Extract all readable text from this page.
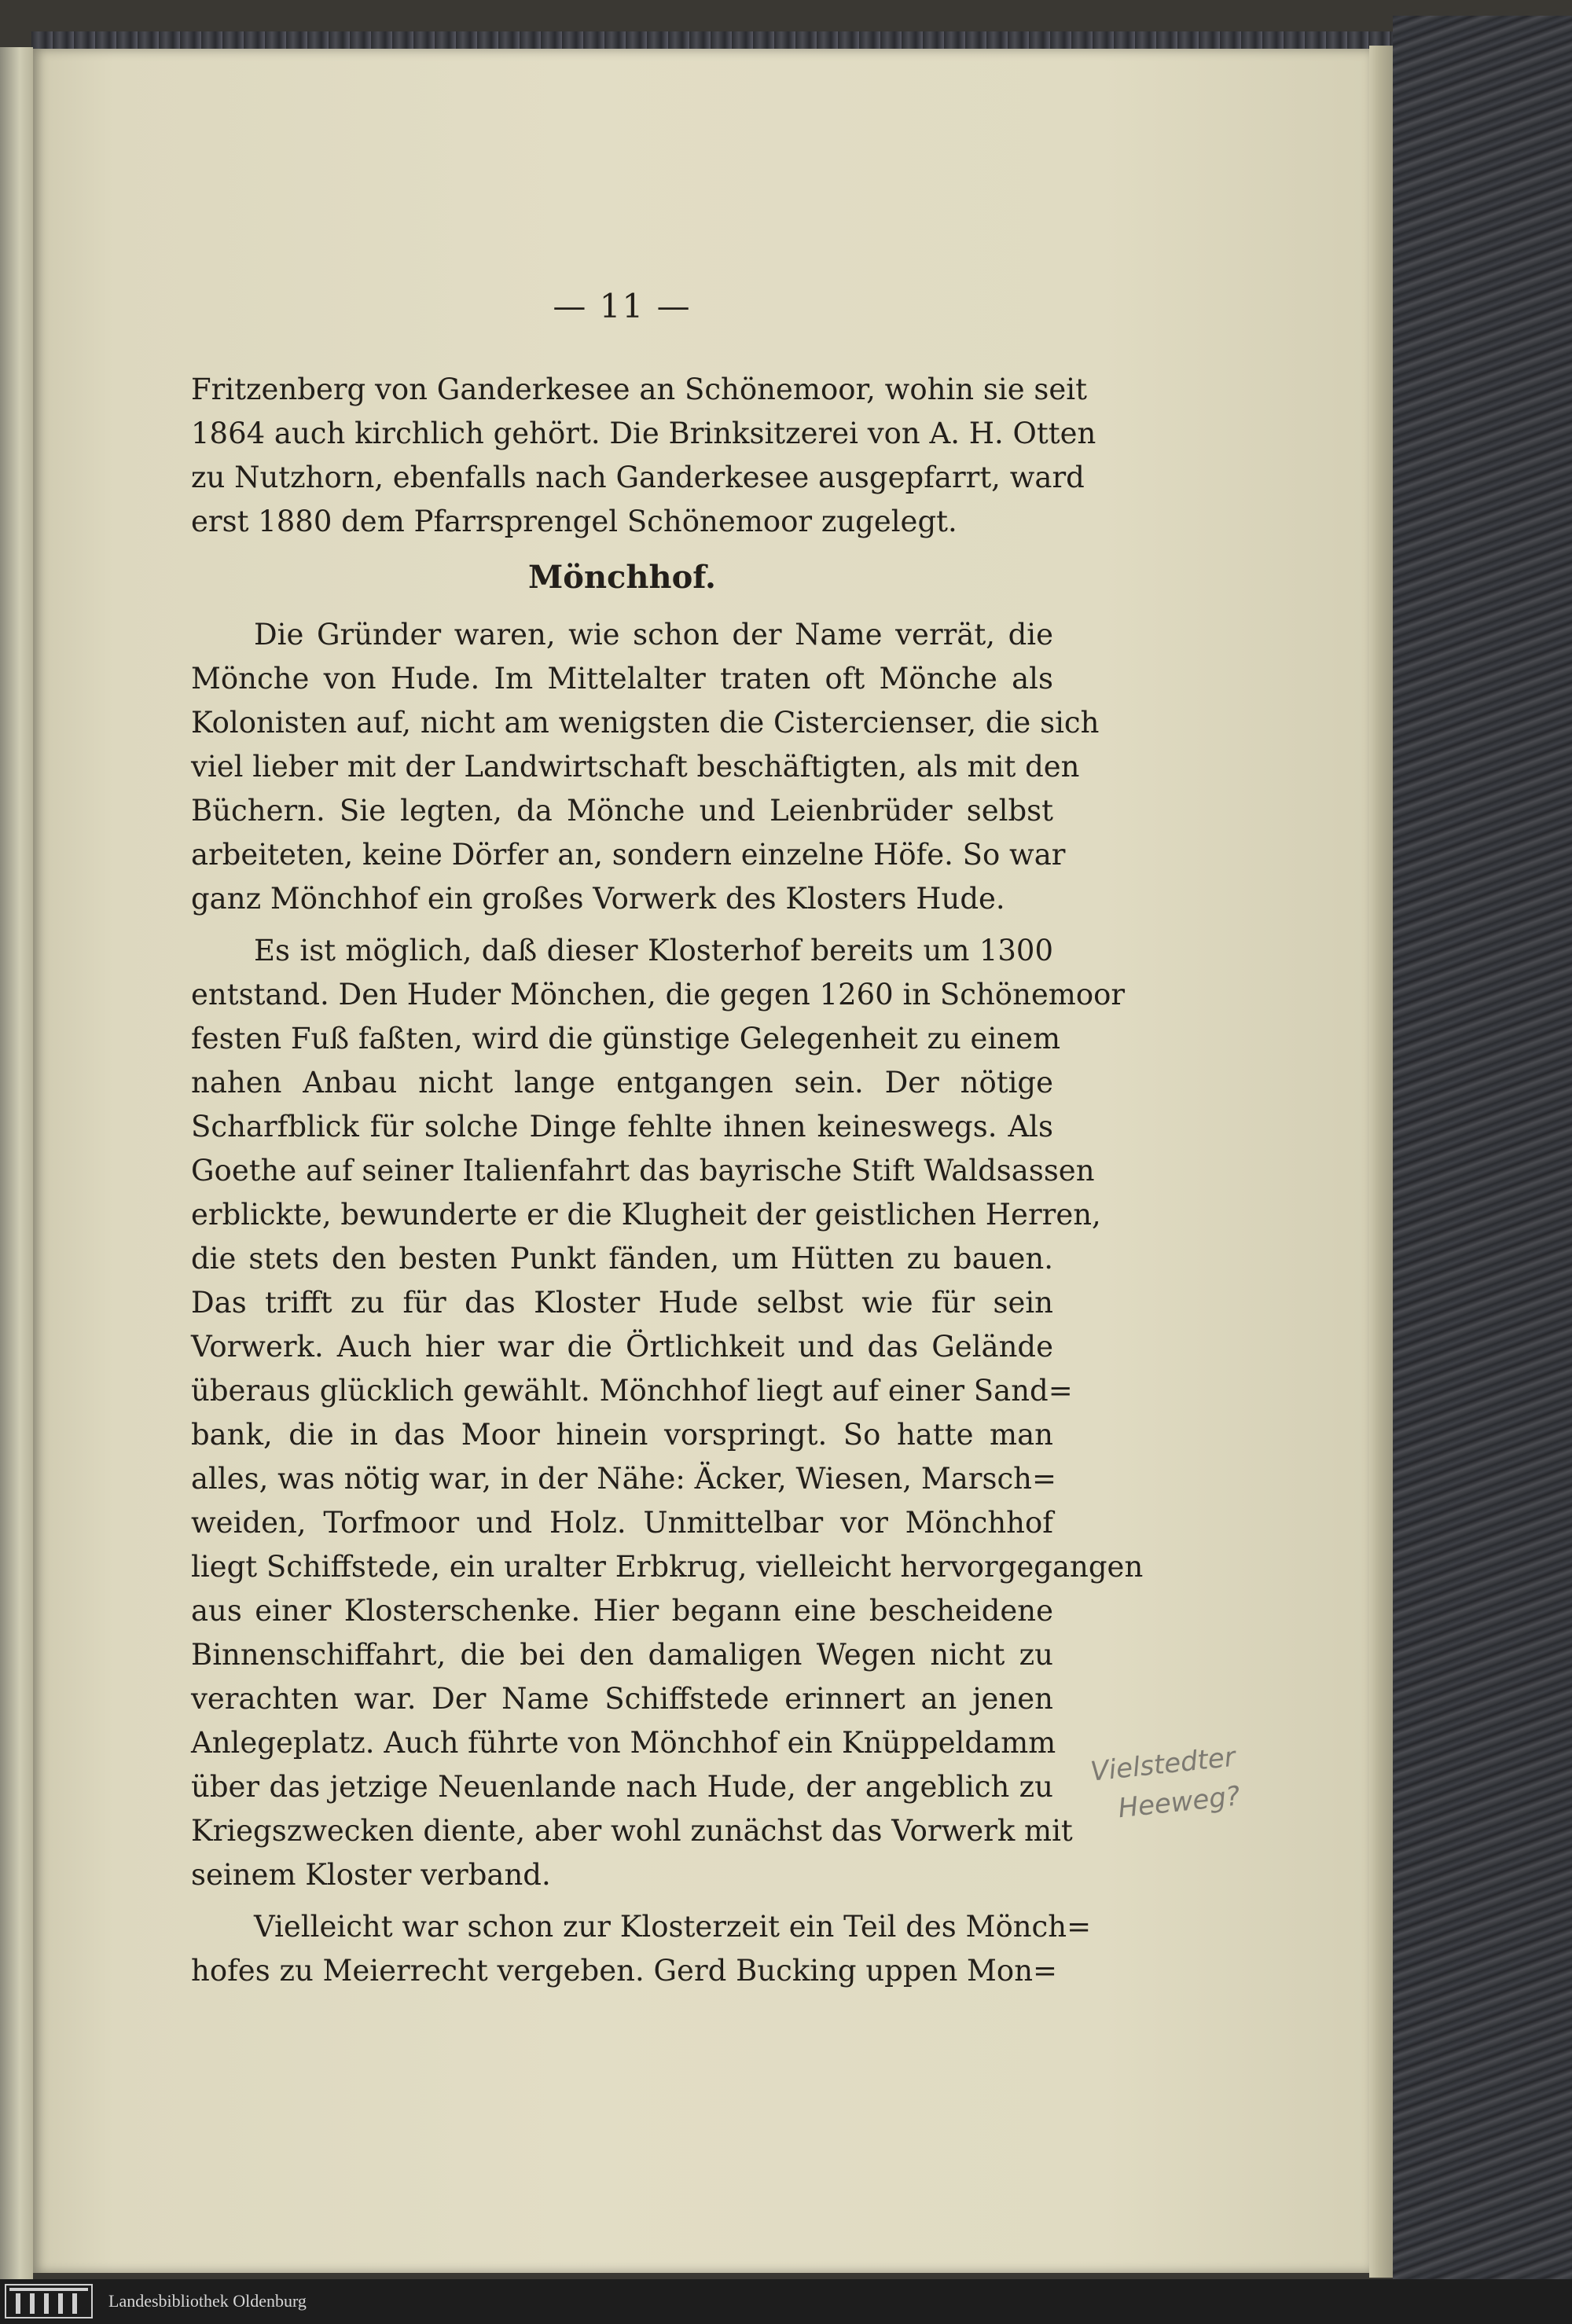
— 11 —
Fritzenberg von Ganderkesee an Schönemoor, wohin sie seit
1864 auch kirchlich gehört. Die Brinksitzerei von A. H. Otten
zu Nutzhorn, ebenfalls nach Ganderkesee ausgepfarrt, ward
erst 1880 dem Pfarrsprengel Schönemoor zugelegt.
Mönchhof.
Die Gründer waren, wie schon der Name verrät, die
Mönche von Hude. Im Mittelalter traten oft Mönche als
Kolonisten auf, nicht am wenigsten die Cistercienser, die sich
viel lieber mit der Landwirtschaft beschäftigten, als mit den
Büchern. Sie legten, da Mönche und Leienbrüder selbst
arbeiteten, keine Dörfer an, sondern einzelne Höfe. So war
ganz Mönchhof ein großes Vorwerk des Klosters Hude.
Es ist möglich, daß dieser Klosterhof bereits um 1300
entstand. Den Huder Mönchen, die gegen 1260 in Schönemoor
festen Fuß faßten, wird die günstige Gelegenheit zu einem
nahen Anbau nicht lange entgangen sein. Der nötige
Scharfblick für solche Dinge fehlte ihnen keineswegs. Als
Goethe auf seiner Italienfahrt das bayrische Stift Waldsassen
erblickte, bewunderte er die Klugheit der geistlichen Herren,
die stets den besten Punkt fänden, um Hütten zu bauen.
Das trifft zu für das Kloster Hude selbst wie für sein
Vorwerk. Auch hier war die Örtlichkeit und das Gelände
überaus glücklich gewählt. Mönchhof liegt auf einer Sand=
bank, die in das Moor hinein vorspringt. So hatte man
alles, was nötig war, in der Nähe: Äcker, Wiesen, Marsch=
weiden, Torfmoor und Holz. Unmittelbar vor Mönchhof
liegt Schiffstede, ein uralter Erbkrug, vielleicht hervorgegangen
aus einer Klosterschenke. Hier begann eine bescheidene
Binnenschiffahrt, die bei den damaligen Wegen nicht zu
verachten war. Der Name Schiffstede erinnert an jenen
Anlegeplatz. Auch führte von Mönchhof ein Knüppeldamm
über das jetzige Neuenlande nach Hude, der angeblich zu
Kriegszwecken diente, aber wohl zunächst das Vorwerk mit
seinem Kloster verband.
Vielleicht war schon zur Klosterzeit ein Teil des Mönch=
hofes zu Meierrecht vergeben. Gerd Bucking uppen Mon=
Vielstedter
Heeweg?
Landesbibliothek Oldenburg
